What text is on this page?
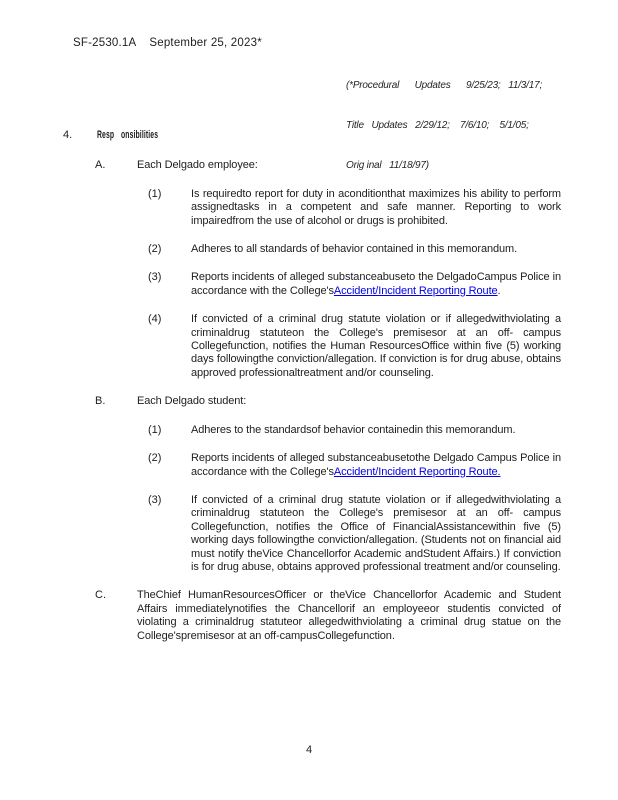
SF-2530.1A September 25, 2023*

(*Procedural      Updates      9/25/23;   11/3/17;

Title   Updates   2/29/12;    7/6/10;    5/1/05;

Orig inal   11/18/97)

4.	Resp onsibilities
A.	Each Delgado employee:
(1)	Is requiredto report for duty in aconditionthat maximizes his ability to perform assignedtasks in a competent and safe manner. Reporting to work impairedfrom the use of alcohol or drugs is prohibited.
(2)	Adheres to all standards of behavior contained in this memorandum.
(3)	Reports incidents of alleged substanceabuseto the DelgadoCampus Police in accordance with the College'sAccident/Incident Reporting Route.
(4)	If convicted of a criminal drug statute violation or if allegedwithviolating a criminaldrug statuteon the College's premisesor at an off- campus Collegefunction, notifies the Human ResourcesOffice within five (5) working days followingthe conviction/allegation. If conviction is for drug abuse, obtains approved professionaltreatment and/or counseling.
B.	Each Delgado student:
(1)	Adheres to the standardsof behavior containedin this memorandum.
(2)	Reports incidents of alleged substanceabusetothe Delgado Campus Police in accordance with the College'sAccident/Incident Reporting Route.
(3)	If convicted of a criminal drug statute violation or if allegedwithviolating a criminaldrug statuteon the College's premisesor at an off- campus Collegefunction, notifies the Office of FinancialAssistancewithin five (5) working days followingthe conviction/allegation. (Students not on financial aid must notify theVice Chancellorfor Academic andStudent Affairs.) If conviction is for drug abuse, obtains approved professional treatment and/or counseling.
C.	TheChief HumanResourcesOfficer or theVice Chancellorfor Academic and Student Affairs immediatelynotifies the Chancellorif an employeeor studentis convicted of violating a criminaldrug statuteor allegedwithviolating a criminal drug statue on the College'spremisesor at an off-campusCollegefunction.
4
